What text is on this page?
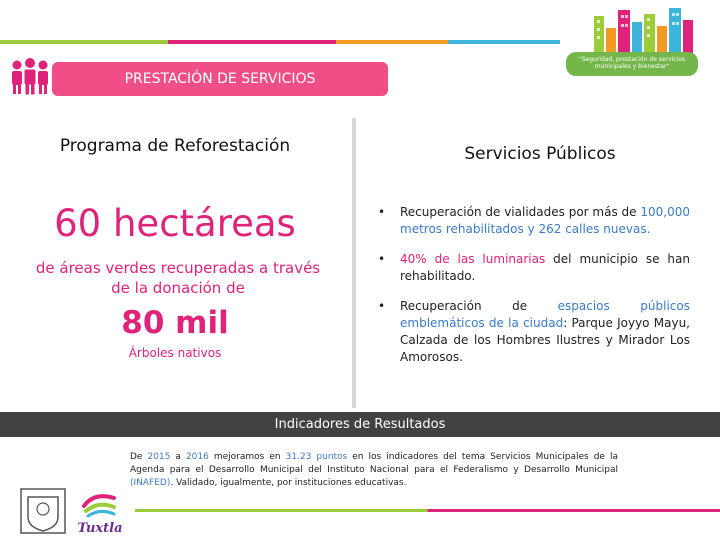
PRESTACIÓN DE SERVICIOS
"Seguridad, prestación de servicios municipales y bienestar"
Programa de Reforestación
60 hectáreas
de áreas verdes recuperadas a través de la donación de
80 mil
Árboles nativos
Servicios Públicos
• Recuperación de vialidades por más de 100,000 metros rehabilitados y 262 calles nuevas.
• 40% de las luminarias del municipio se han rehabilitado.
• Recuperación de espacios públicos emblemáticos de la ciudad: Parque Joyyo Mayu, Calzada de los Hombres Ilustres y Mirador Los Amorosos.
Indicadores de Resultados
De 2015 a 2016 mejoramos en 31.23 puntos en los indicadores del tema Servicios Municipales de la Agenda para el Desarrollo Municipal del Instituto Nacional para el Federalismo y Desarrollo Municipal (INAFED). Validado, igualmente, por instituciones educativas.
Tuxtla
